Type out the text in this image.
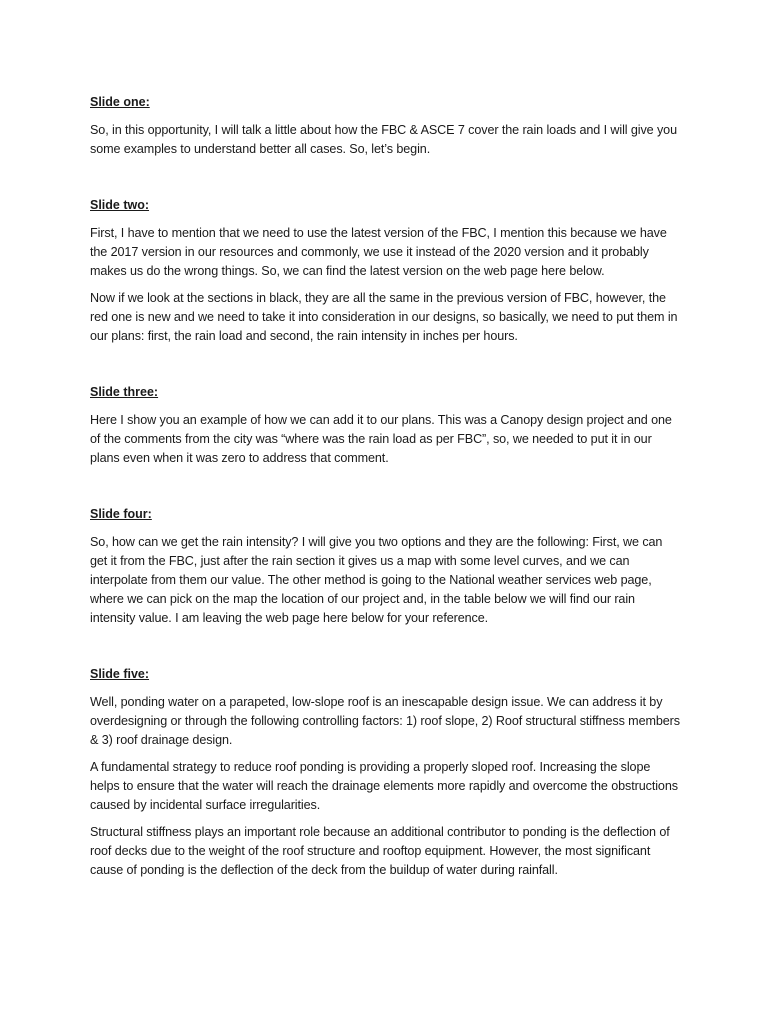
Slide one:

So, in this opportunity, I will talk a little about how the FBC & ASCE 7 cover the rain loads and I will give you some examples to understand better all cases. So, let’s begin.

Slide two:

First, I have to mention that we need to use the latest version of the FBC, I mention this because we have the 2017 version in our resources and commonly, we use it instead of the 2020 version and it probably makes us do the wrong things. So, we can find the latest version on the web page here below.

Now if we look at the sections in black, they are all the same in the previous version of FBC, however, the red one is new and we need to take it into consideration in our designs, so basically, we need to put them in our plans: first, the rain load and second, the rain intensity in inches per hours.

Slide three:

Here I show you an example of how we can add it to our plans. This was a Canopy design project and one of the comments from the city was “where was the rain load as per FBC”, so, we needed to put it in our plans even when it was zero to address that comment.

Slide four:

So, how can we get the rain intensity? I will give you two options and they are the following: First, we can get it from the FBC, just after the rain section it gives us a map with some level curves, and we can interpolate from them our value. The other method is going to the National weather services web page, where we can pick on the map the location of our project and, in the table below we will find our rain intensity value. I am leaving the web page here below for your reference.

Slide five:

Well, ponding water on a parapeted, low-slope roof is an inescapable design issue. We can address it by overdesigning or through the following controlling factors: 1) roof slope, 2) Roof structural stiffness members & 3) roof drainage design.

A fundamental strategy to reduce roof ponding is providing a properly sloped roof. Increasing the slope helps to ensure that the water will reach the drainage elements more rapidly and overcome the obstructions caused by incidental surface irregularities.

Structural stiffness plays an important role because an additional contributor to ponding is the deflection of roof decks due to the weight of the roof structure and rooftop equipment. However, the most significant cause of ponding is the deflection of the deck from the buildup of water during rainfall.
